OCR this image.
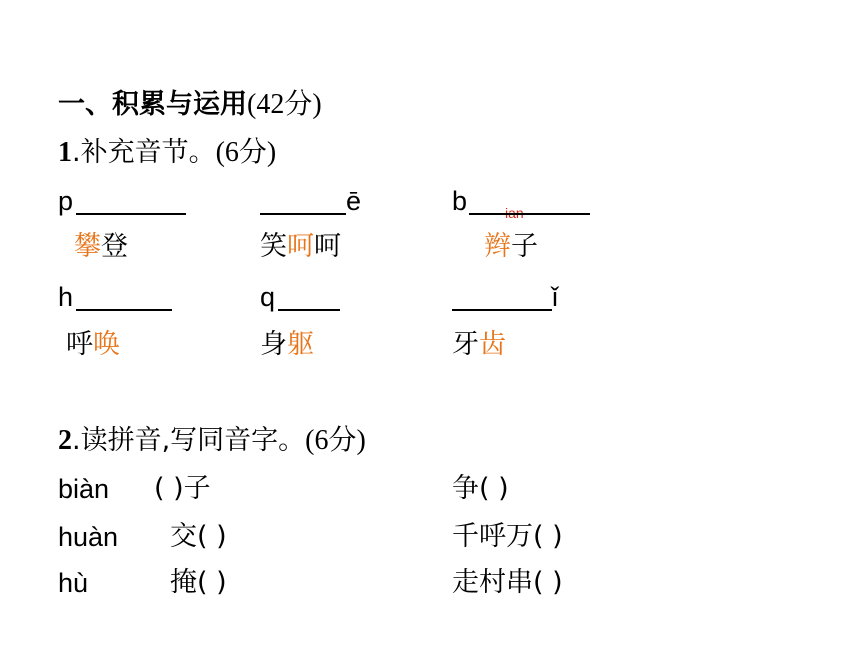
一、积累与运用(42分)
1.补充音节。(6分)
p	ē	b	ian
攀登	笑呵呵	辫子
h	q	ǐ
呼唤	身躯	牙齿
2.读拼音,写同音字。(6分)
biàn ( )子	争( )
huàn 交( )	千呼万( )
hù	掩( )	走村串( )
